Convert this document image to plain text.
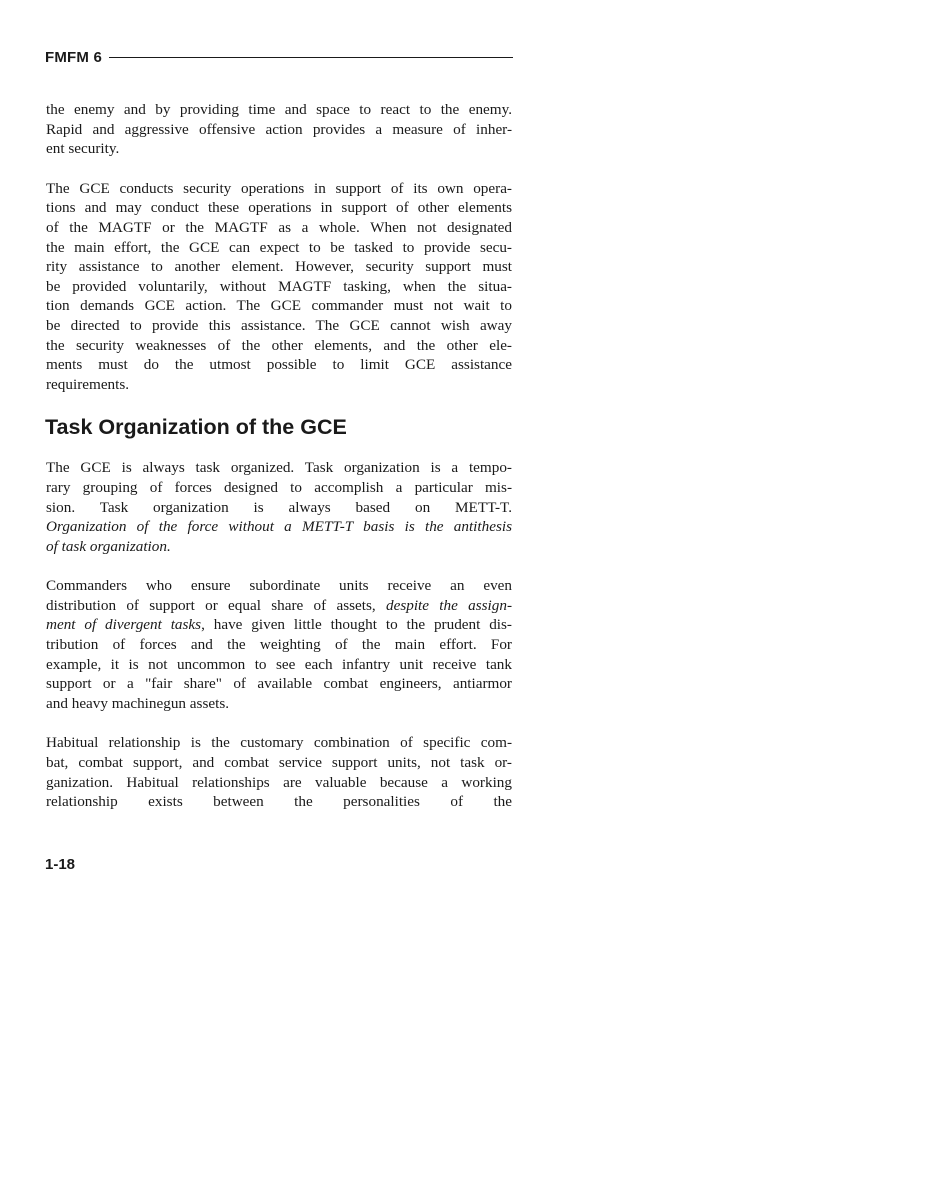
FMFM 6

the enemy and by providing time and space to react to the enemy.
Rapid and aggressive offensive action provides a measure of inher-
ent security.

The GCE conducts security operations in support of its own opera-
tions and may conduct these operations in support of other elements
of the MAGTF or the MAGTF as a whole. When not designated
the main effort, the GCE can expect to be tasked to provide secu-
rity assistance to another element. However, security support must
be provided voluntarily, without MAGTF tasking, when the situa-
tion demands GCE action. The GCE commander must not wait to
be directed to provide this assistance. The GCE cannot wish away
the security weaknesses of the other elements, and the other ele-
ments must do the utmost possible to limit GCE assistance
requirements.

Task Organization of the GCE

The GCE is always task organized. Task organization is a tempo-
rary grouping of forces designed to accomplish a particular mis-
sion. Task organization is always based on METT-T.
Organization of the force without a METT-T basis is the antithesis
of task organization.

Commanders who ensure subordinate units receive an even
distribution of support or equal share of assets, despite the assign-
ment of divergent tasks, have given little thought to the prudent dis-
tribution of forces and the weighting of the main effort. For
example, it is not uncommon to see each infantry unit receive tank
support or a "fair share" of available combat engineers, antiarmor
and heavy machinegun assets.

Habitual relationship is the customary combination of specific com-
bat, combat support, and combat service support units, not task or-
ganization. Habitual relationships are valuable because a working
relationship exists between the personalities of the

1-18
